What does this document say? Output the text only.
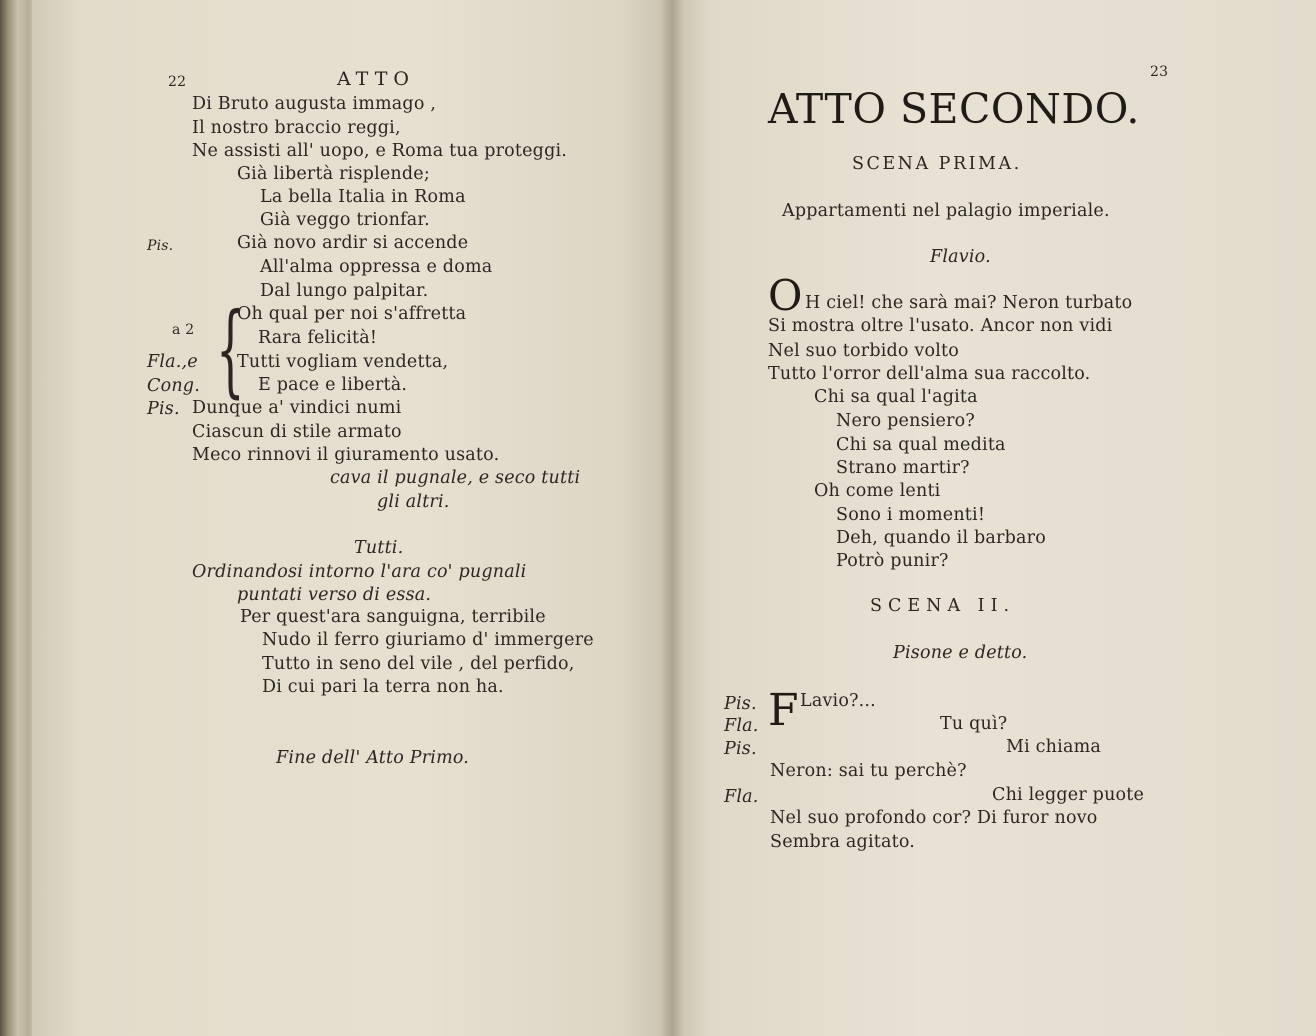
22	ATTO
Di Bruto augusta immago ,
Il nostro braccio reggi,
Ne assisti all' uopo, e Roma tua proteggi.
Già libertà risplende;
La bella Italia in Roma
Già veggo trionfar.
Pis.	Già novo ardir si accende
All'alma oppressa e doma
Dal lungo palpitar.
{
a 2
Oh qual per noi s'affretta
Rara felicità!
Fla.,e Tutti vogliam vendetta,
Cong.	E pace e libertà.
Pis. Dunque a' vindici numi
Ciascun di stile armato
Meco rinnovi il giuramento usato.
cava il pugnale, e seco tutti
gli altri.
Tutti.
Ordinandosi intorno l'ara co' pugnali
puntati verso di essa.
Per quest'ara sanguigna, terribile
Nudo il ferro giuriamo d' immergere
Tutto in seno del vile , del perfido,
Di cui pari la terra non ha.
Fine dell' Atto Primo.
23
ATTO SECONDO.
SCENA PRIMA.
Appartamenti nel palagio imperiale.
Flavio.
O H ciel! che sarà mai? Neron turbato
Si mostra oltre l'usato. Ancor non vidi
Nel suo torbido volto
Tutto l'orror dell'alma sua raccolto.
Chi sa qual l'agita
Nero pensiero?
Chi sa qual medita
Strano martir?
Oh come lenti
Sono i momenti!
Deh, quando il barbaro
Potrò punir?
SCENA II.
Pisone e detto.
Pis. F Lavio?...
Fla.	Tu quì?
Pis.	Mi chiama
Neron: sai tu perchè?
Fla.	Chi legger puote
Nel suo profondo cor? Di furor novo
Sembra agitato.
